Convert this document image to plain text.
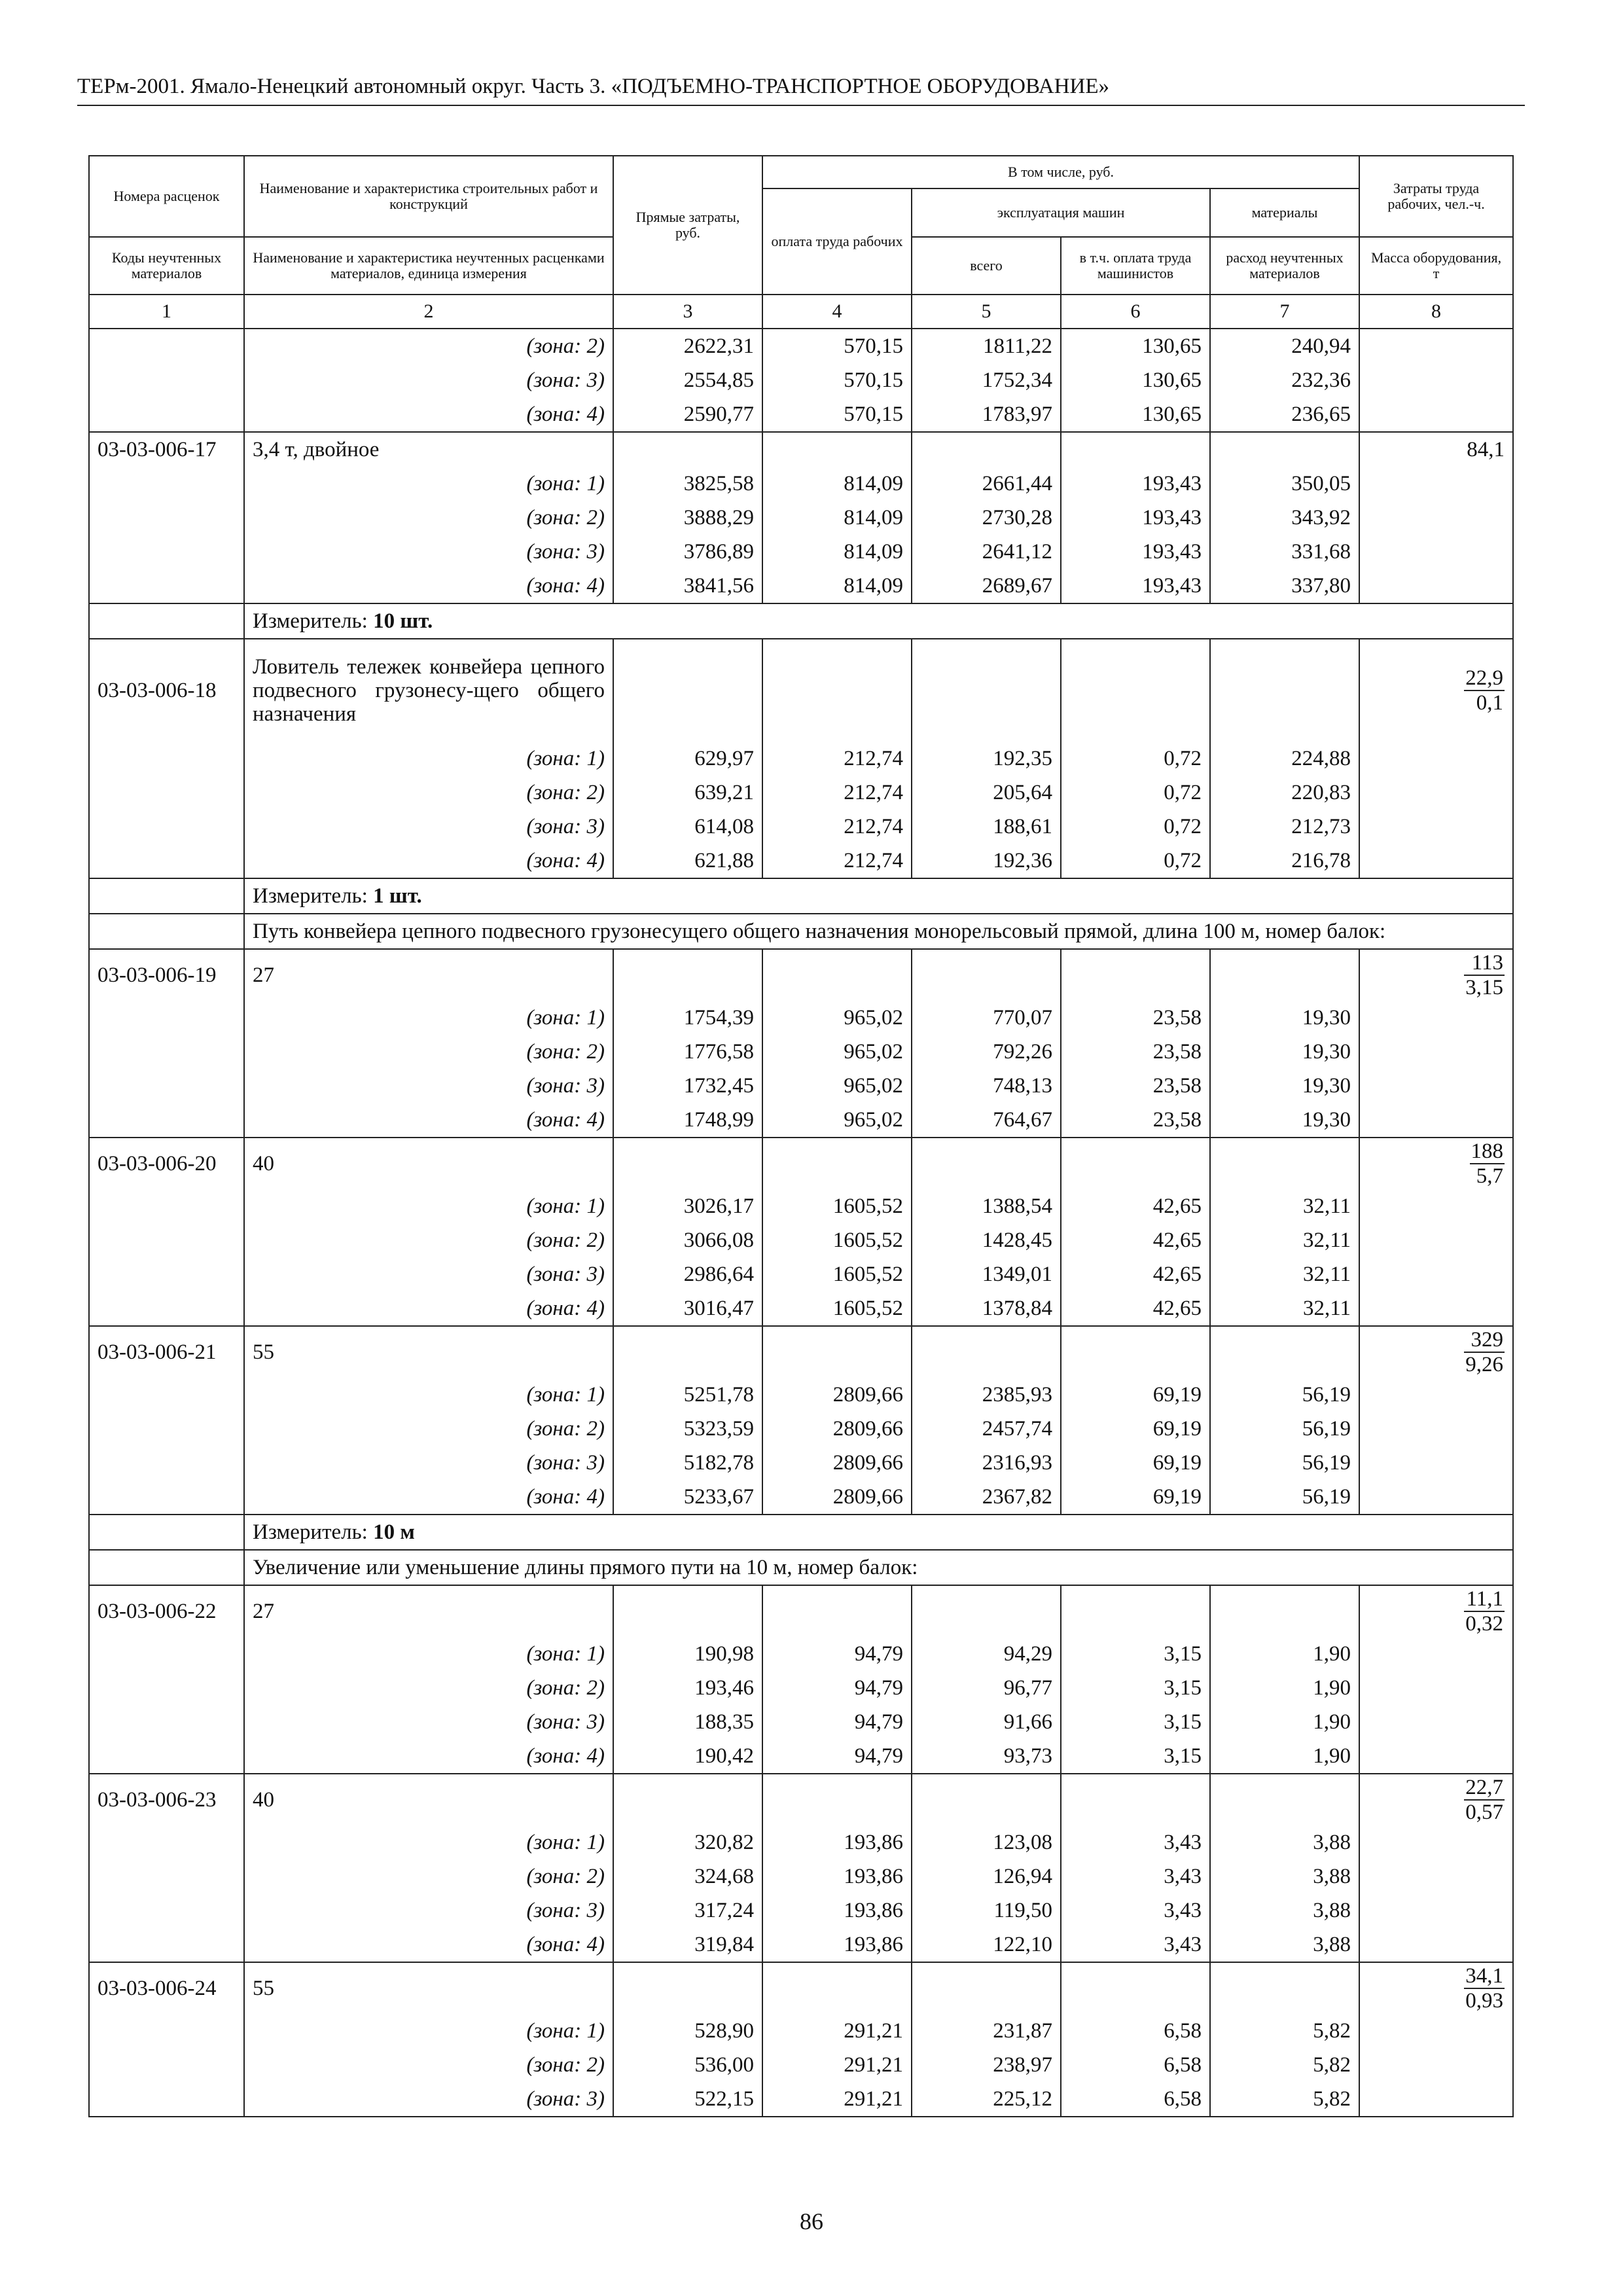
ТЕРм-2001. Ямало-Ненецкий автономный округ. Часть 3. «ПОДЪЕМНО-ТРАНСПОРТНОЕ ОБОРУДОВАНИЕ»
Номера расценок	Наименование и характеристика строительных работ и конструкций	Прямые затраты, руб.	В том числе, руб.				Затраты труда рабочих, чел.-ч.
			оплата труда рабочих	эксплуатация машин		материалы	
Коды неучтенных материалов	Наименование и характеристика неучтенных расценками материалов, единица измерения			всего	в т.ч. оплата труда машинистов	расход неучтенных материалов	Масса оборудования, т
1	2	3	4	5	6	7	8
	(зона: 2)	2622,31	570,15	1811,22	130,65	240,94	
	(зона: 3)	2554,85	570,15	1752,34	130,65	232,36	
	(зона: 4)	2590,77	570,15	1783,97	130,65	236,65	
03-03-006-17	3,4 т, двойное						84,1
	(зона: 1)	3825,58	814,09	2661,44	193,43	350,05	
	(зона: 2)	3888,29	814,09	2730,28	193,43	343,92	
	(зона: 3)	3786,89	814,09	2641,12	193,43	331,68	
	(зона: 4)	3841,56	814,09	2689,67	193,43	337,80	
	Измеритель: 10 шт.						
03-03-006-18	Ловитель тележек конвейера цепного подвесного грузонесу-щего общего назначения						$\frac{22,9}{0,1}$

	(зона: 1)	629,97	212,74	192,35	0,72	224,88	
	(зона: 2)	639,21	212,74	205,64	0,72	220,83	
	(зона: 3)	614,08	212,74	188,61	0,72	212,73	
	(зона: 4)	621,88	212,74	192,36	0,72	216,78	
	Измеритель: 1 шт.						
	Путь конвейера цепного подвесного грузонесущего общего назначения монорельсовый прямой, длина 100 м, номер балок:						
03-03-006-19	27						$\frac{113}{3,15}$

	(зона: 1)	1754,39	965,02	770,07	23,58	19,30	
	(зона: 2)	1776,58	965,02	792,26	23,58	19,30	
	(зона: 3)	1732,45	965,02	748,13	23,58	19,30	
	(зона: 4)	1748,99	965,02	764,67	23,58	19,30	
03-03-006-20	40						$\frac{188}{5,7}$

	(зона: 1)	3026,17	1605,52	1388,54	42,65	32,11	
	(зона: 2)	3066,08	1605,52	1428,45	42,65	32,11	
	(зона: 3)	2986,64	1605,52	1349,01	42,65	32,11	
	(зона: 4)	3016,47	1605,52	1378,84	42,65	32,11	
03-03-006-21	55						$\frac{329}{9,26}$

	(зона: 1)	5251,78	2809,66	2385,93	69,19	56,19	
	(зона: 2)	5323,59	2809,66	2457,74	69,19	56,19	
	(зона: 3)	5182,78	2809,66	2316,93	69,19	56,19	
	(зона: 4)	5233,67	2809,66	2367,82	69,19	56,19	
	Измеритель: 10 м						
	Увеличение или уменьшение длины прямого пути на 10 м, номер балок:						
03-03-006-22	27						$\frac{11,1}{0,32}$

	(зона: 1)	190,98	94,79	94,29	3,15	1,90	
	(зона: 2)	193,46	94,79	96,77	3,15	1,90	
	(зона: 3)	188,35	94,79	91,66	3,15	1,90	
	(зона: 4)	190,42	94,79	93,73	3,15	1,90	
03-03-006-23	40						$\frac{22,7}{0,57}$

	(зона: 1)	320,82	193,86	123,08	3,43	3,88	
	(зона: 2)	324,68	193,86	126,94	3,43	3,88	
	(зона: 3)	317,24	193,86	119,50	3,43	3,88	
	(зона: 4)	319,84	193,86	122,10	3,43	3,88	
03-03-006-24	55						$\frac{34,1}{0,93}$

	(зона: 1)	528,90	291,21	231,87	6,58	5,82	
	(зона: 2)	536,00	291,21	238,97	6,58	5,82	
	(зона: 3)	522,15	291,21	225,12	6,58	5,82	
86
